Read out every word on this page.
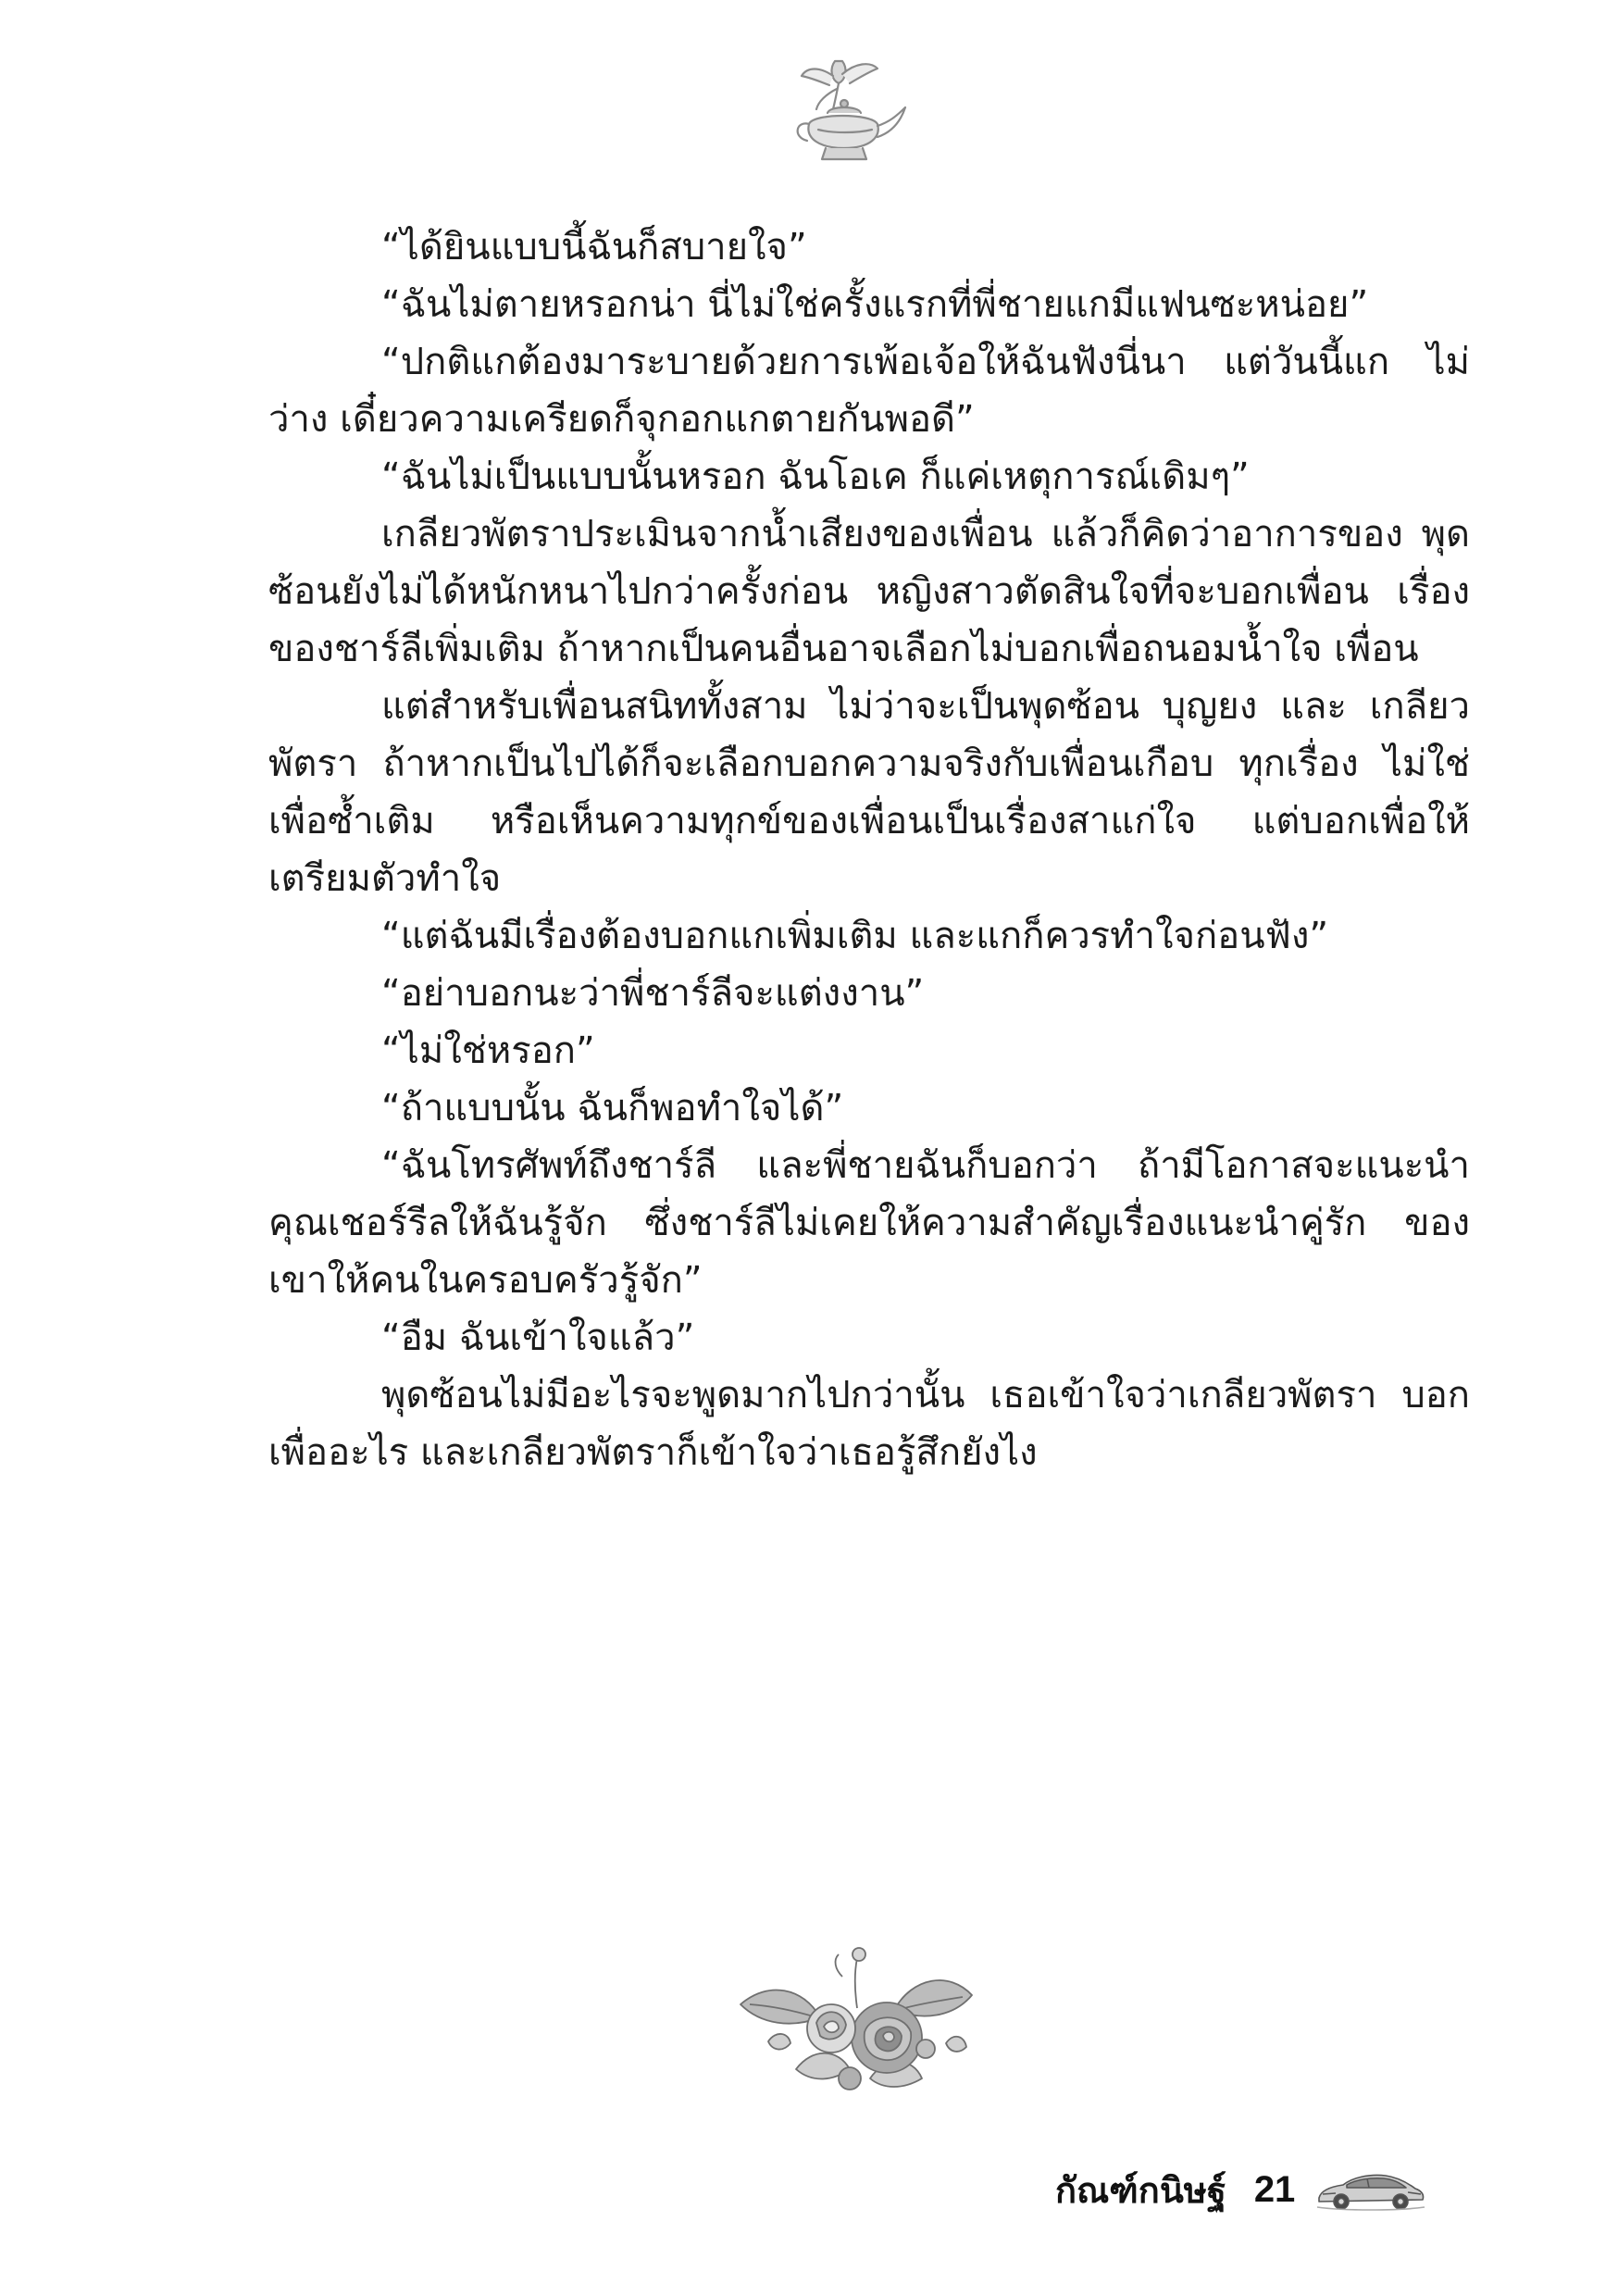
“ได้ยินแบบนี้ฉันก็สบายใจ”

“ฉันไม่ตายหรอกน่า นี่ไม่ใช่ครั้งแรกที่พี่ชายแกมีแฟนซะหน่อย”

“ปกติแกต้องมาระบายด้วยการเพ้อเจ้อให้ฉันฟังนี่นา แต่วันนี้แก ไม่ว่าง เดี๋ยวความเครียดก็จุกอกแกตายกันพอดี”

“ฉันไม่เป็นแบบนั้นหรอก ฉันโอเค ก็แค่เหตุการณ์เดิมๆ”

เกลียวพัตราประเมินจากน้ำเสียงของเพื่อน แล้วก็คิดว่าอาการของ พุดซ้อนยังไม่ได้หนักหนาไปกว่าครั้งก่อน หญิงสาวตัดสินใจที่จะบอกเพื่อน เรื่องของชาร์ลีเพิ่มเติม ถ้าหากเป็นคนอื่นอาจเลือกไม่บอกเพื่อถนอมน้ำใจ เพื่อน

แต่สำหรับเพื่อนสนิททั้งสาม ไม่ว่าจะเป็นพุดซ้อน บุญยง และ เกลียวพัตรา ถ้าหากเป็นไปได้ก็จะเลือกบอกความจริงกับเพื่อนเกือบ ทุกเรื่อง ไม่ใช่เพื่อซ้ำเติม หรือเห็นความทุกข์ของเพื่อนเป็นเรื่องสาแก่ใจ แต่บอกเพื่อให้เตรียมตัวทำใจ

“แต่ฉันมีเรื่องต้องบอกแกเพิ่มเติม และแกก็ควรทำใจก่อนฟัง”

“อย่าบอกนะว่าพี่ชาร์ลีจะแต่งงาน”

“ไม่ใช่หรอก”

“ถ้าแบบนั้น ฉันก็พอทำใจได้”

“ฉันโทรศัพท์ถึงชาร์ลี และพี่ชายฉันก็บอกว่า ถ้ามีโอกาสจะแนะนำ คุณเชอร์รีลให้ฉันรู้จัก ซึ่งชาร์ลีไม่เคยให้ความสำคัญเรื่องแนะนำคู่รัก ของเขาให้คนในครอบครัวรู้จัก”

“อืม ฉันเข้าใจแล้ว”

พุดซ้อนไม่มีอะไรจะพูดมากไปกว่านั้น เธอเข้าใจว่าเกลียวพัตรา บอกเพื่ออะไร และเกลียวพัตราก็เข้าใจว่าเธอรู้สึกยังไง

กัณฑ์กนิษฐ์ 21
